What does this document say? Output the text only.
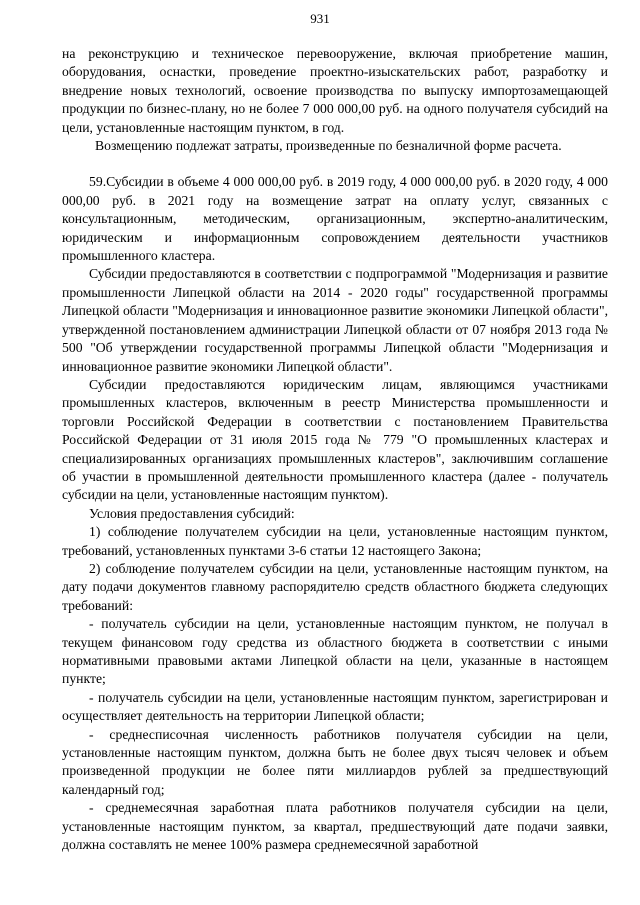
931

на реконструкцию и техническое перевооружение, включая приобретение машин, оборудования, оснастки, проведение проектно-изыскательских работ, разработку и внедрение новых технологий, освоение производства по выпуску импортозамещающей продукции по бизнес-плану, но не более 7 000 000,00 руб. на одного получателя субсидий на цели, установленные настоящим пунктом, в год.

Возмещению подлежат затраты, произведенные по безналичной форме расчета.

59.Субсидии в объеме 4 000 000,00 руб. в 2019 году, 4 000 000,00 руб. в 2020 году, 4 000 000,00 руб. в 2021 году на возмещение затрат на оплату услуг, связанных с консультационным, методическим, организационным, экспертно-аналитическим, юридическим и информационным сопровождением деятельности участников промышленного кластера.

Субсидии предоставляются в соответствии с подпрограммой "Модернизация и развитие промышленности Липецкой области на 2014 - 2020 годы" государственной программы Липецкой области "Модернизация и инновационное развитие экономики Липецкой области", утвержденной постановлением администрации Липецкой области от 07 ноября 2013 года № 500 "Об утверждении государственной программы Липецкой области "Модернизация и инновационное развитие экономики Липецкой области".

Субсидии предоставляются юридическим лицам, являющимся участниками промышленных кластеров, включенным в реестр Министерства промышленности и торговли Российской Федерации в соответствии с постановлением Правительства Российской Федерации от 31 июля 2015 года № 779 "О промышленных кластерах и специализированных организациях промышленных кластеров", заключившим соглашение об участии в промышленной деятельности промышленного кластера (далее - получатель субсидии на цели, установленные настоящим пунктом).

Условия предоставления субсидий:

1) соблюдение получателем субсидии на цели, установленные настоящим пунктом, требований, установленных пунктами 3-6 статьи 12 настоящего Закона;

2) соблюдение получателем субсидии на цели, установленные настоящим пунктом, на дату подачи документов главному распорядителю средств областного бюджета следующих требований:

- получатель субсидии на цели, установленные настоящим пунктом, не получал в текущем финансовом году средства из областного бюджета в соответствии с иными нормативными правовыми актами Липецкой области на цели, указанные в настоящем пункте;

- получатель субсидии на цели, установленные настоящим пунктом, зарегистрирован и осуществляет деятельность на территории Липецкой области;

- среднесписочная численность работников получателя субсидии на цели, установленные настоящим пунктом, должна быть не более двух тысяч человек и объем произведенной продукции не более пяти миллиардов рублей за предшествующий календарный год;

- среднемесячная заработная плата работников получателя субсидии на цели, установленные настоящим пунктом, за квартал, предшествующий дате подачи заявки, должна составлять не менее 100% размера среднемесячной заработной
